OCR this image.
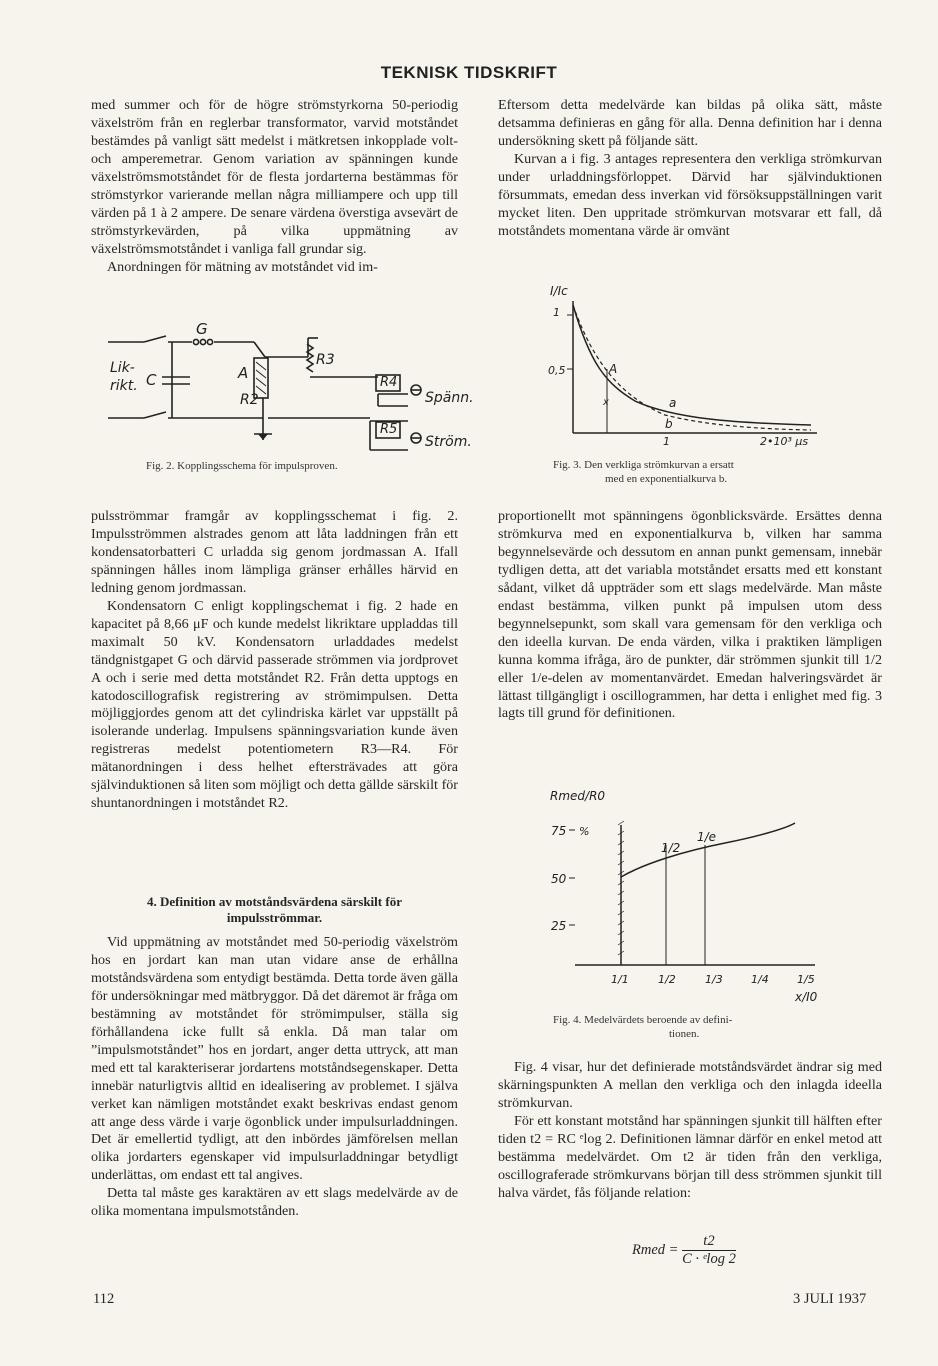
TEKNISK TIDSKRIFT

med summer och för de högre strömstyrkorna 50-periodig växelström från en reglerbar transformator, varvid motståndet bestämdes på vanligt sätt medelst i mätkretsen inkopplade volt- och amperemetrar. Genom variation av spänningen kunde växelströmsmotståndet för de flesta jordarterna bestämmas för strömstyrkor varierande mellan några milliampere och upp till värden på 1 à 2 ampere. De senare värdena överstiga avsevärt de strömstyrkevärden, på vilka uppmätning av växelströmsmotståndet i vanliga fall grundar sig.

Anordningen för mätning av motståndet vid im-

G
Lik-
rikt. C	A
R2
R3
R4
R5
Spänn.
Ström.
Fig. 2. Kopplingsschema för impulsproven.

pulsströmmar framgår av kopplingsschemat i fig. 2. Impulsströmmen alstrades genom att låta laddningen från ett kondensatorbatteri C urladda sig genom jordmassan A. Ifall spänningen hålles inom lämpliga gränser erhålles härvid en ledning genom jordmassan.

Kondensatorn C enligt kopplingschemat i fig. 2 hade en kapacitet på 8,66 μF och kunde medelst likriktare uppladdas till maximalt 50 kV. Kondensatorn urladdades medelst tändgnistgapet G och därvid passerade strömmen via jordprovet A och i serie med detta motståndet R2. Från detta upptogs en katodoscillografisk registrering av strömimpulsen. Detta möjliggjordes genom att det cylindriska kärlet var uppställt på isolerande underlag. Impulsens spänningsvariation kunde även registreras medelst potentiometern R3—R4. För mätanordningen i dess helhet eftersträvades att göra självinduktionen så liten som möjligt och detta gällde särskilt för shuntanordningen i motståndet R2.

4. Definition av motståndsvärdena särskilt för

impulsströmmar.

Vid uppmätning av motståndet med 50-periodig växelström hos en jordart kan man utan vidare anse de erhållna motståndsvärdena som entydigt bestämda. Detta torde även gälla för undersökningar med mätbryggor. Då det däremot är fråga om bestämning av motståndet för strömimpulser, ställa sig förhållandena icke fullt så enkla. Då man talar om ”impulsmotståndet” hos en jordart, anger detta uttryck, att man med ett tal karakteriserar jordartens motståndsegenskaper. Detta innebär naturligtvis alltid en idealisering av problemet. I själva verket kan nämligen motståndet exakt beskrivas endast genom att ange dess värde i varje ögonblick under impulsurladdningen. Det är emellertid tydligt, att den inbördes jämförelsen mellan olika jordarters egenskaper vid impulsurladdningar betydligt underlättas, om endast ett tal angives.

Detta tal måste ges karaktären av ett slags medelvärde av de olika momentana impulsmotstånden.

Eftersom detta medelvärde kan bildas på olika sätt, måste detsamma definieras en gång för alla. Denna definition har i denna undersökning skett på följande sätt.

Kurvan a i fig. 3 antages representera den verkliga strömkurvan under urladdningsförloppet. Därvid har självinduktionen försummats, emedan dess inverkan vid försöksuppställningen varit mycket liten. Den uppritade strömkurvan motsvarar ett fall, då motståndets momentana värde är omvänt

I/Ic
1
0,5
1	2•10³ μs
A
a
b
x
Fig. 3. Den verkliga strömkurvan a ersatt
med en exponentialkurva b.

proportionellt mot spänningens ögonblicksvärde. Ersättes denna strömkurva med en exponentialkurva b, vilken har samma begynnelsevärde och dessutom en annan punkt gemensam, innebär tydligen detta, att det variabla motståndet ersatts med ett konstant sådant, vilket då uppträder som ett slags medelvärde. Man måste endast bestämma, vilken punkt på impulsen utom dess begynnelsepunkt, som skall vara gemensam för den verkliga och den ideella kurvan. De enda värden, vilka i praktiken lämpligen kunna komma ifråga, äro de punkter, där strömmen sjunkit till 1/2 eller 1/e-delen av momentanvärdet. Emedan halveringsvärdet är lättast tillgängligt i oscillogrammen, har detta i enlighet med fig. 3 lagts till grund för definitionen.

Rmed/R0
%
75
50
25
1/1	1/2	1/3	1/4	1/5
x/I0
1/2
1/e
Fig. 4. Medelvärdets beroende av defini-
tionen.

Fig. 4 visar, hur det definierade motståndsvärdet ändrar sig med skärningspunkten A mellan den verkliga och den inlagda ideella strömkurvan.

För ett konstant motstånd har spänningen sjunkit till hälften efter tiden t2 = RC ᵉlog 2. Definitionen lämnar därför en enkel metod att bestämma medelvärdet. Om t2 är tiden från den verkliga, oscillograferade strömkurvans början till dess strömmen sjunkit till halva värdet, fås följande relation:

Rmed = $\frac{t2}{\text{C · ᵉlog 2}}$
112	3 JULI 1937
